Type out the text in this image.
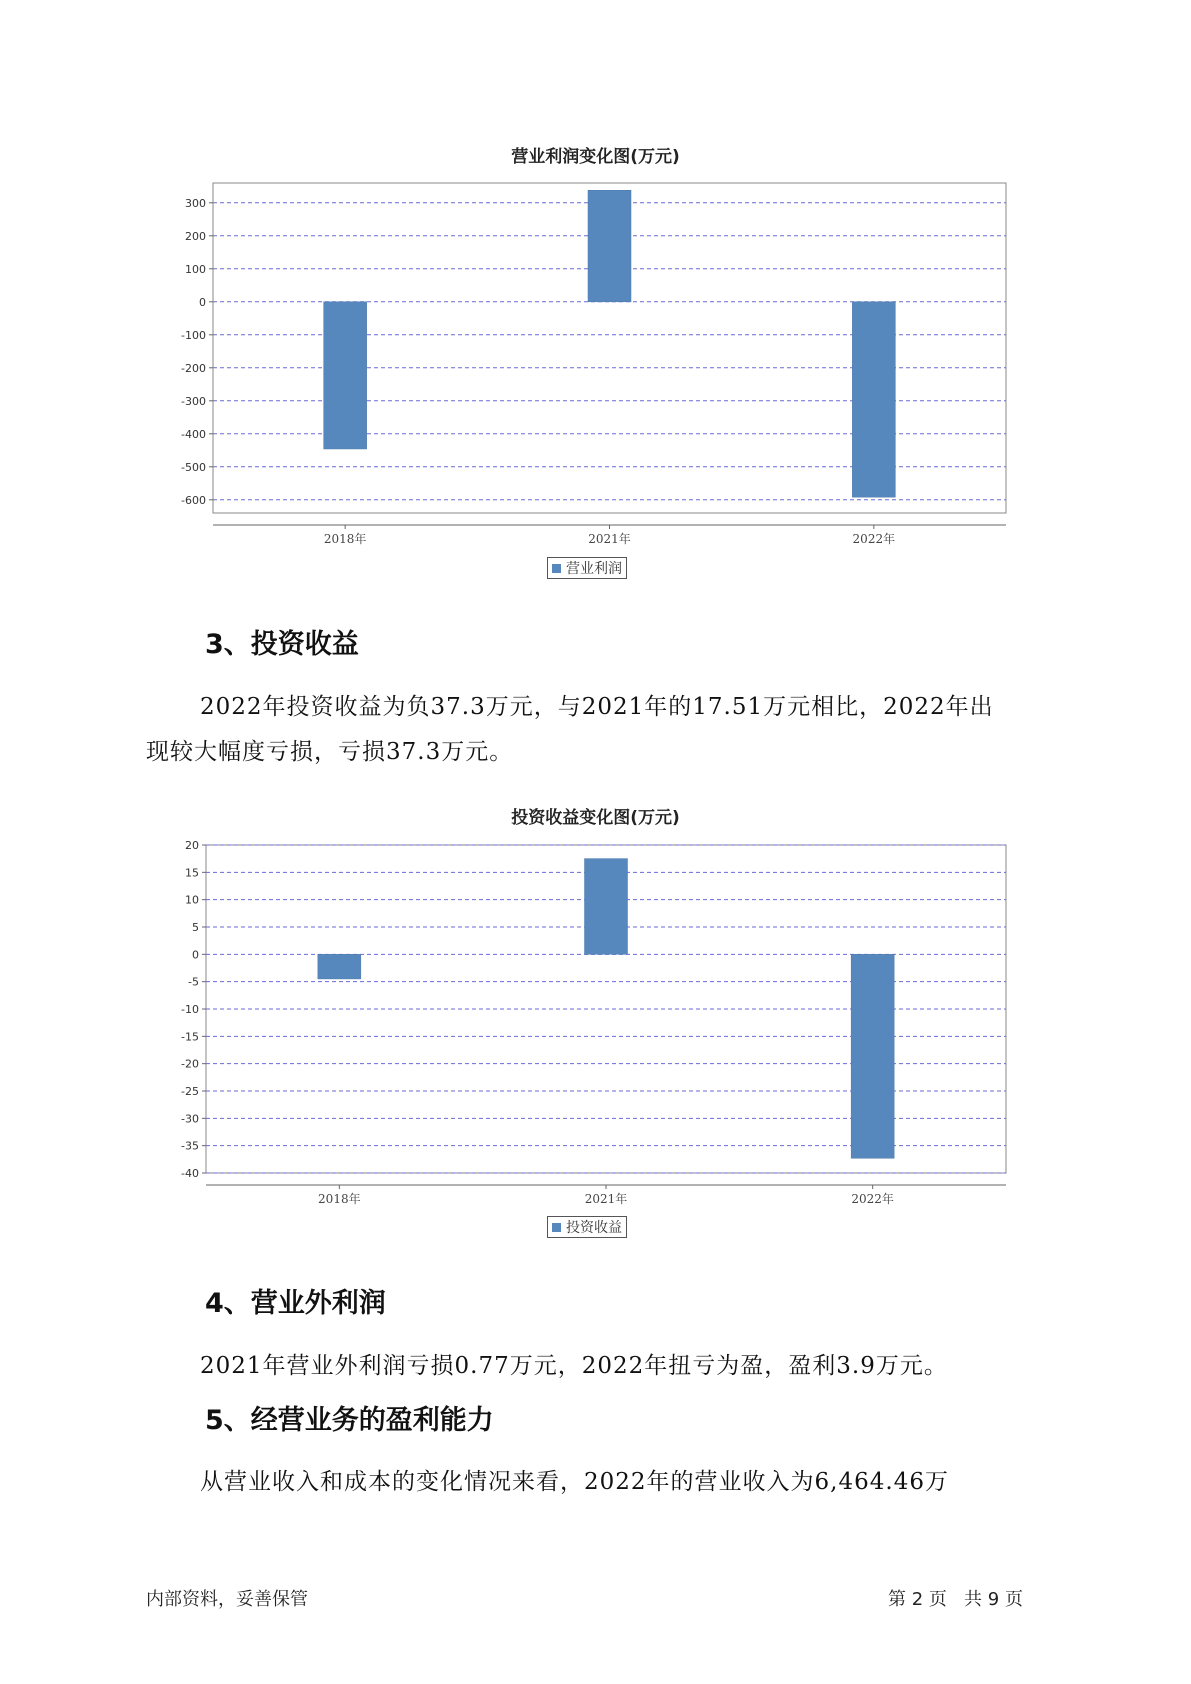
营业利润变化图(万元)
300
200
100
0
-100
-200
-300
-400
-500
-600
2018年	2021年	2022年
营业利润
3、投资收益
2022年投资收益为负37.3万元，与2021年的17.51万元相比，2022年出
现较大幅度亏损，亏损37.3万元。
投资收益变化图(万元)
20
15
10
5
0
-5
-10
-15
-20
-25
-30
-35
-40
2018年	2021年	2022年
投资收益
4、营业外利润
2021年营业外利润亏损0.77万元，2022年扭亏为盈，盈利3.9万元。
5、经营业务的盈利能力
从营业收入和成本的变化情况来看，2022年的营业收入为6,464.46万
内部资料，妥善保管	第 2 页   共 9 页
